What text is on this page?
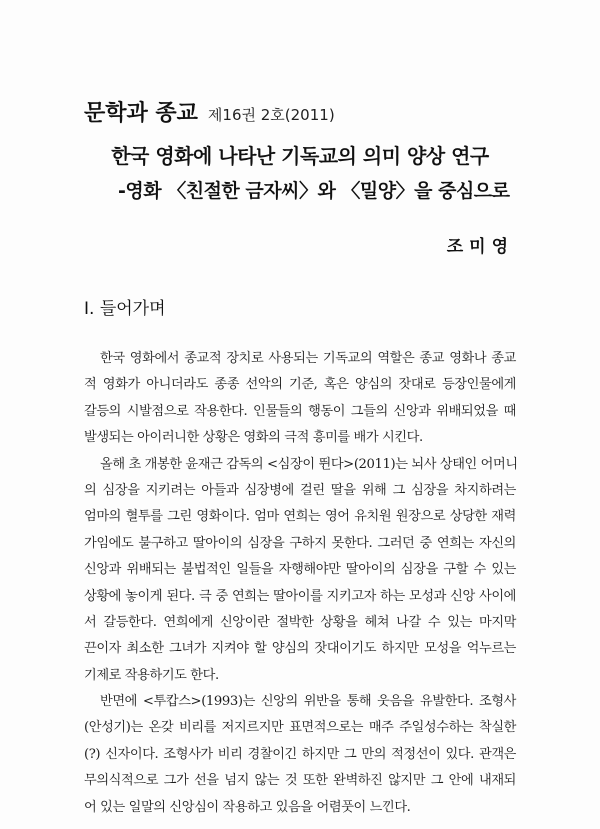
문학과 종교 제16권 2호(2011)
한국 영화에 나타난 기독교의 의미 양상 연구
-영화 〈친절한 금자씨〉와 〈밀양〉을 중심으로
조미영
I. 들어가며
한국 영화에서 종교적 장치로 사용되는 기독교의 역할은 종교 영화나 종교
적 영화가 아니더라도 종종 선악의 기준, 혹은 양심의 잣대로 등장인물에게
갈등의 시발점으로 작용한다. 인물들의 행동이 그들의 신앙과 위배되었을 때
발생되는 아이러니한 상황은 영화의 극적 흥미를 배가 시킨다.
올해 초 개봉한 윤재근 감독의 <심장이 뛴다>(2011)는 뇌사 상태인 어머니
의 심장을 지키려는 아들과 심장병에 걸린 딸을 위해 그 심장을 차지하려는
엄마의 혈투를 그린 영화이다. 엄마 연희는 영어 유치원 원장으로 상당한 재력
가임에도 불구하고 딸아이의 심장을 구하지 못한다. 그러던 중 연희는 자신의
신앙과 위배되는 불법적인 일들을 자행해야만 딸아이의 심장을 구할 수 있는
상황에 놓이게 된다. 극 중 연희는 딸아이를 지키고자 하는 모성과 신앙 사이에
서 갈등한다. 연희에게 신앙이란 절박한 상황을 헤쳐 나갈 수 있는 마지막
끈이자 최소한 그녀가 지켜야 할 양심의 잣대이기도 하지만 모성을 억누르는
기제로 작용하기도 한다.
반면에 <투캅스>(1993)는 신앙의 위반을 통해 웃음을 유발한다. 조형사
(안성기)는 온갖 비리를 저지르지만 표면적으로는 매주 주일성수하는 착실한
(?) 신자이다. 조형사가 비리 경찰이긴 하지만 그 만의 적정선이 있다. 관객은
무의식적으로 그가 선을 넘지 않는 것 또한 완벽하진 않지만 그 안에 내재되
어 있는 일말의 신앙심이 작용하고 있음을 어렴풋이 느낀다.
